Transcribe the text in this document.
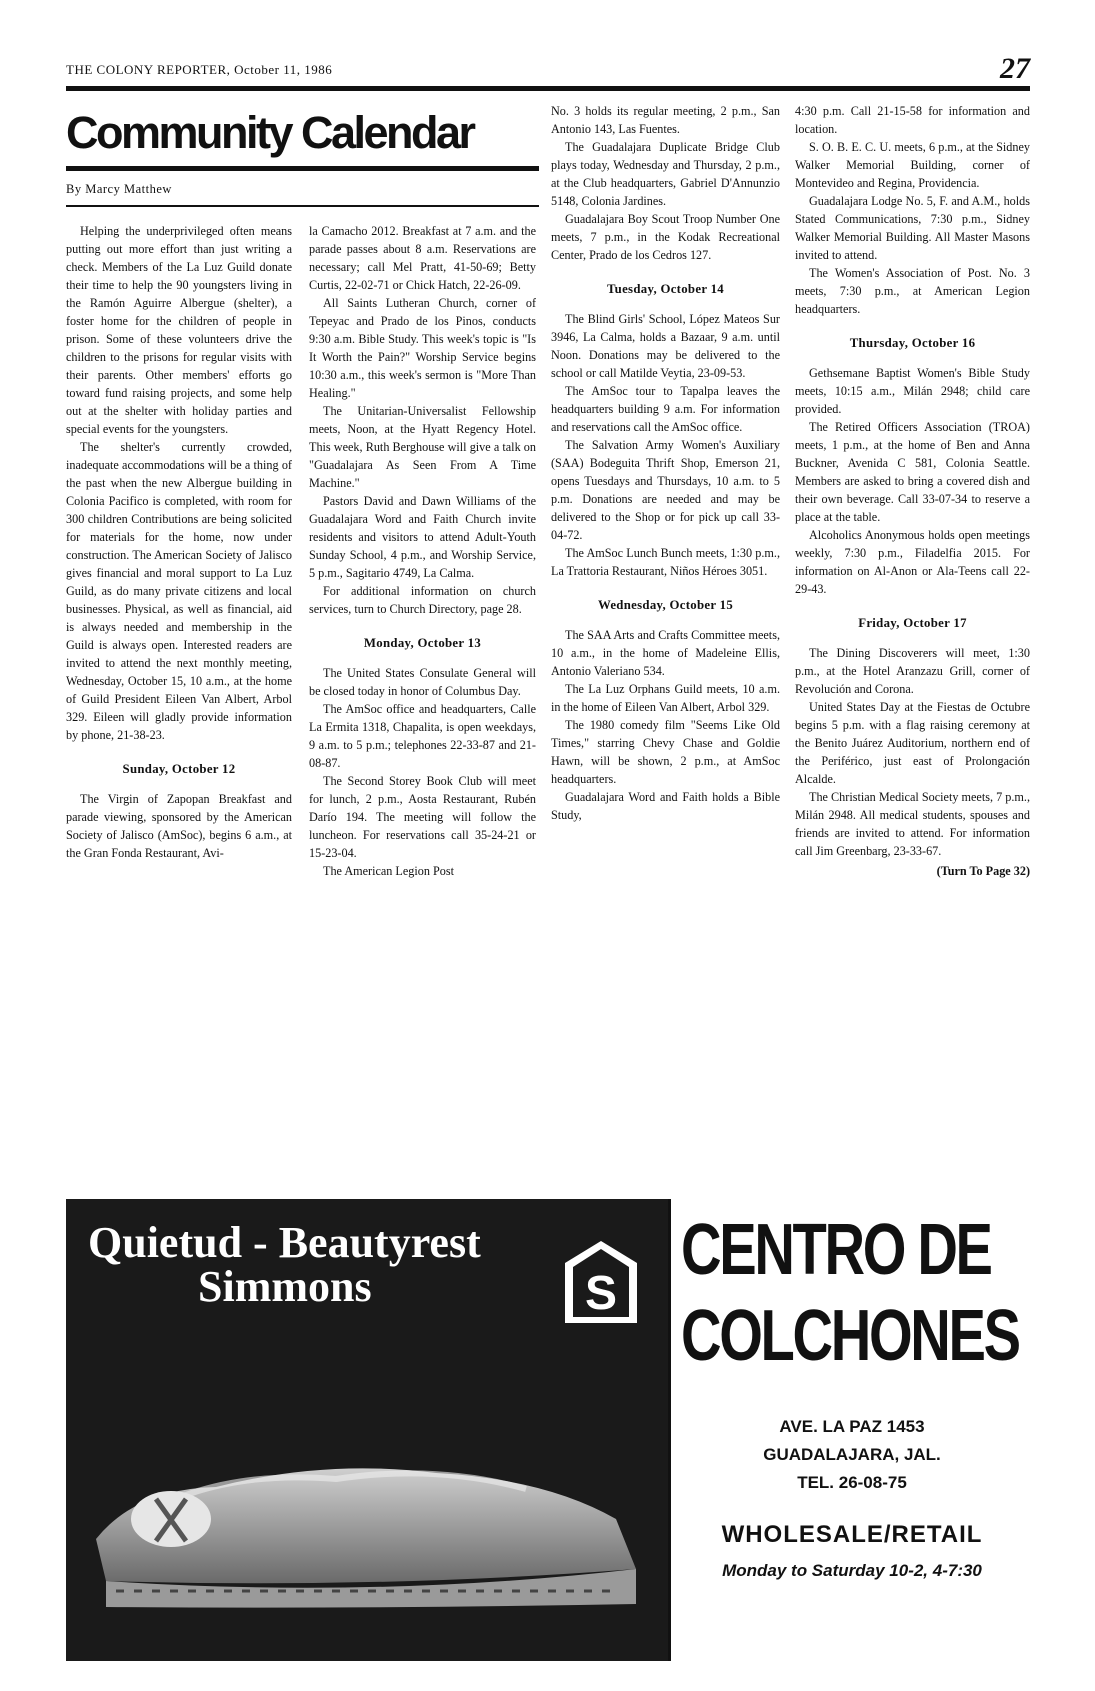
THE COLONY REPORTER, October 11, 1986	27
Community Calendar
By Marcy Matthew

Helping the underprivileged often means putting out more effort than just writing a check. Members of the La Luz Guild donate their time to help the 90 youngsters living in the Ramón Aguirre Albergue (shelter), a foster home for the children of people in prison. Some of these volunteers drive the children to the prisons for regular visits with their parents. Other members' efforts go toward fund raising projects, and some help out at the shelter with holiday parties and special events for the youngsters.

The shelter's currently crowded, inadequate accommodations will be a thing of the past when the new Albergue building in Colonia Pacifico is completed, with room for 300 children Contributions are being solicited for materials for the home, now under construction. The American Society of Jalisco gives financial and moral support to La Luz Guild, as do many private citizens and local businesses. Physical, as well as financial, aid is always needed and membership in the Guild is always open. Interested readers are invited to attend the next monthly meeting, Wednesday, October 15, 10 a.m., at the home of Guild President Eileen Van Albert, Arbol 329. Eileen will gladly provide information by phone, 21-38-23.

Sunday, October 12

The Virgin of Zapopan Breakfast and parade viewing, sponsored by the American Society of Jalisco (AmSoc), begins 6 a.m., at the Gran Fonda Restaurant, Avi-

la Camacho 2012. Breakfast at 7 a.m. and the parade passes about 8 a.m. Reservations are necessary; call Mel Pratt, 41-50-69; Betty Curtis, 22-02-71 or Chick Hatch, 22-26-09.

All Saints Lutheran Church, corner of Tepeyac and Prado de los Pinos, conducts 9:30 a.m. Bible Study. This week's topic is "Is It Worth the Pain?" Worship Service begins 10:30 a.m., this week's sermon is "More Than Healing."

The Unitarian-Universalist Fellowship meets, Noon, at the Hyatt Regency Hotel. This week, Ruth Berghouse will give a talk on "Guadalajara As Seen From A Time Machine."

Pastors David and Dawn Williams of the Guadalajara Word and Faith Church invite residents and visitors to attend Adult-Youth Sunday School, 4 p.m., and Worship Service, 5 p.m., Sagitario 4749, La Calma.

For additional information on church services, turn to Church Directory, page 28.

Monday, October 13

The United States Consulate General will be closed today in honor of Columbus Day.

The AmSoc office and headquarters, Calle La Ermita 1318, Chapalita, is open weekdays, 9 a.m. to 5 p.m.; telephones 22-33-87 and 21-08-87.

The Second Storey Book Club will meet for lunch, 2 p.m., Aosta Restaurant, Rubén Darío 194. The meeting will follow the luncheon. For reservations call 35-24-21 or 15-23-04.

The American Legion Post

No. 3 holds its regular meeting, 2 p.m., San Antonio 143, Las Fuentes.

The Guadalajara Duplicate Bridge Club plays today, Wednesday and Thursday, 2 p.m., at the Club headquarters, Gabriel D'Annunzio 5148, Colonia Jardines.

Guadalajara Boy Scout Troop Number One meets, 7 p.m., in the Kodak Recreational Center, Prado de los Cedros 127.

Tuesday, October 14

The Blind Girls' School, López Mateos Sur 3946, La Calma, holds a Bazaar, 9 a.m. until Noon. Donations may be delivered to the school or call Matilde Veytia, 23-09-53.

The AmSoc tour to Tapalpa leaves the headquarters building 9 a.m. For information and reservations call the AmSoc office.

The Salvation Army Women's Auxiliary (SAA) Bodeguita Thrift Shop, Emerson 21, opens Tuesdays and Thursdays, 10 a.m. to 5 p.m. Donations are needed and may be delivered to the Shop or for pick up call 33-04-72.

The AmSoc Lunch Bunch meets, 1:30 p.m., La Trattoria Restaurant, Niños Héroes 3051.

Wednesday, October 15

The SAA Arts and Crafts Committee meets, 10 a.m., in the home of Madeleine Ellis, Antonio Valeriano 534.

The La Luz Orphans Guild meets, 10 a.m. in the home of Eileen Van Albert, Arbol 329.

The 1980 comedy film "Seems Like Old Times," starring Chevy Chase and Goldie Hawn, will be shown, 2 p.m., at AmSoc headquarters.

Guadalajara Word and Faith holds a Bible Study,

4:30 p.m. Call 21-15-58 for information and location.

S. O. B. E. C. U. meets, 6 p.m., at the Sidney Walker Memorial Building, corner of Montevideo and Regina, Providencia.

Guadalajara Lodge No. 5, F. and A.M., holds Stated Communications, 7:30 p.m., Sidney Walker Memorial Building. All Master Masons invited to attend.

The Women's Association of Post. No. 3 meets, 7:30 p.m., at American Legion headquarters.

Thursday, October 16

Gethsemane Baptist Women's Bible Study meets, 10:15 a.m., Milán 2948; child care provided.

The Retired Officers Association (TROA) meets, 1 p.m., at the home of Ben and Anna Buckner, Avenida C 581, Colonia Seattle. Members are asked to bring a covered dish and their own beverage. Call 33-07-34 to reserve a place at the table.

Alcoholics Anonymous holds open meetings weekly, 7:30 p.m., Filadelfia 2015. For information on Al-Anon or Ala-Teens call 22-29-43.

Friday, October 17

The Dining Discoverers will meet, 1:30 p.m., at the Hotel Aranzazu Grill, corner of Revolución and Corona.

United States Day at the Fiestas de Octubre begins 5 p.m. with a flag raising ceremony at the Benito Juárez Auditorium, northern end of the Periférico, just east of Prolongación Alcalde.

The Christian Medical Society meets, 7 p.m., Milán 2948. All medical students, spouses and friends are invited to attend. For information call Jim Greenbarg, 23-33-67.

(Turn To Page 32)

Quietud - Beautyrest
Simmons	S
CENTRO DE
COLCHONES
AVE. LA PAZ 1453
GUADALAJARA, JAL.
TEL. 26-08-75
WHOLESALE/RETAIL
Monday to Saturday 10-2, 4-7:30
